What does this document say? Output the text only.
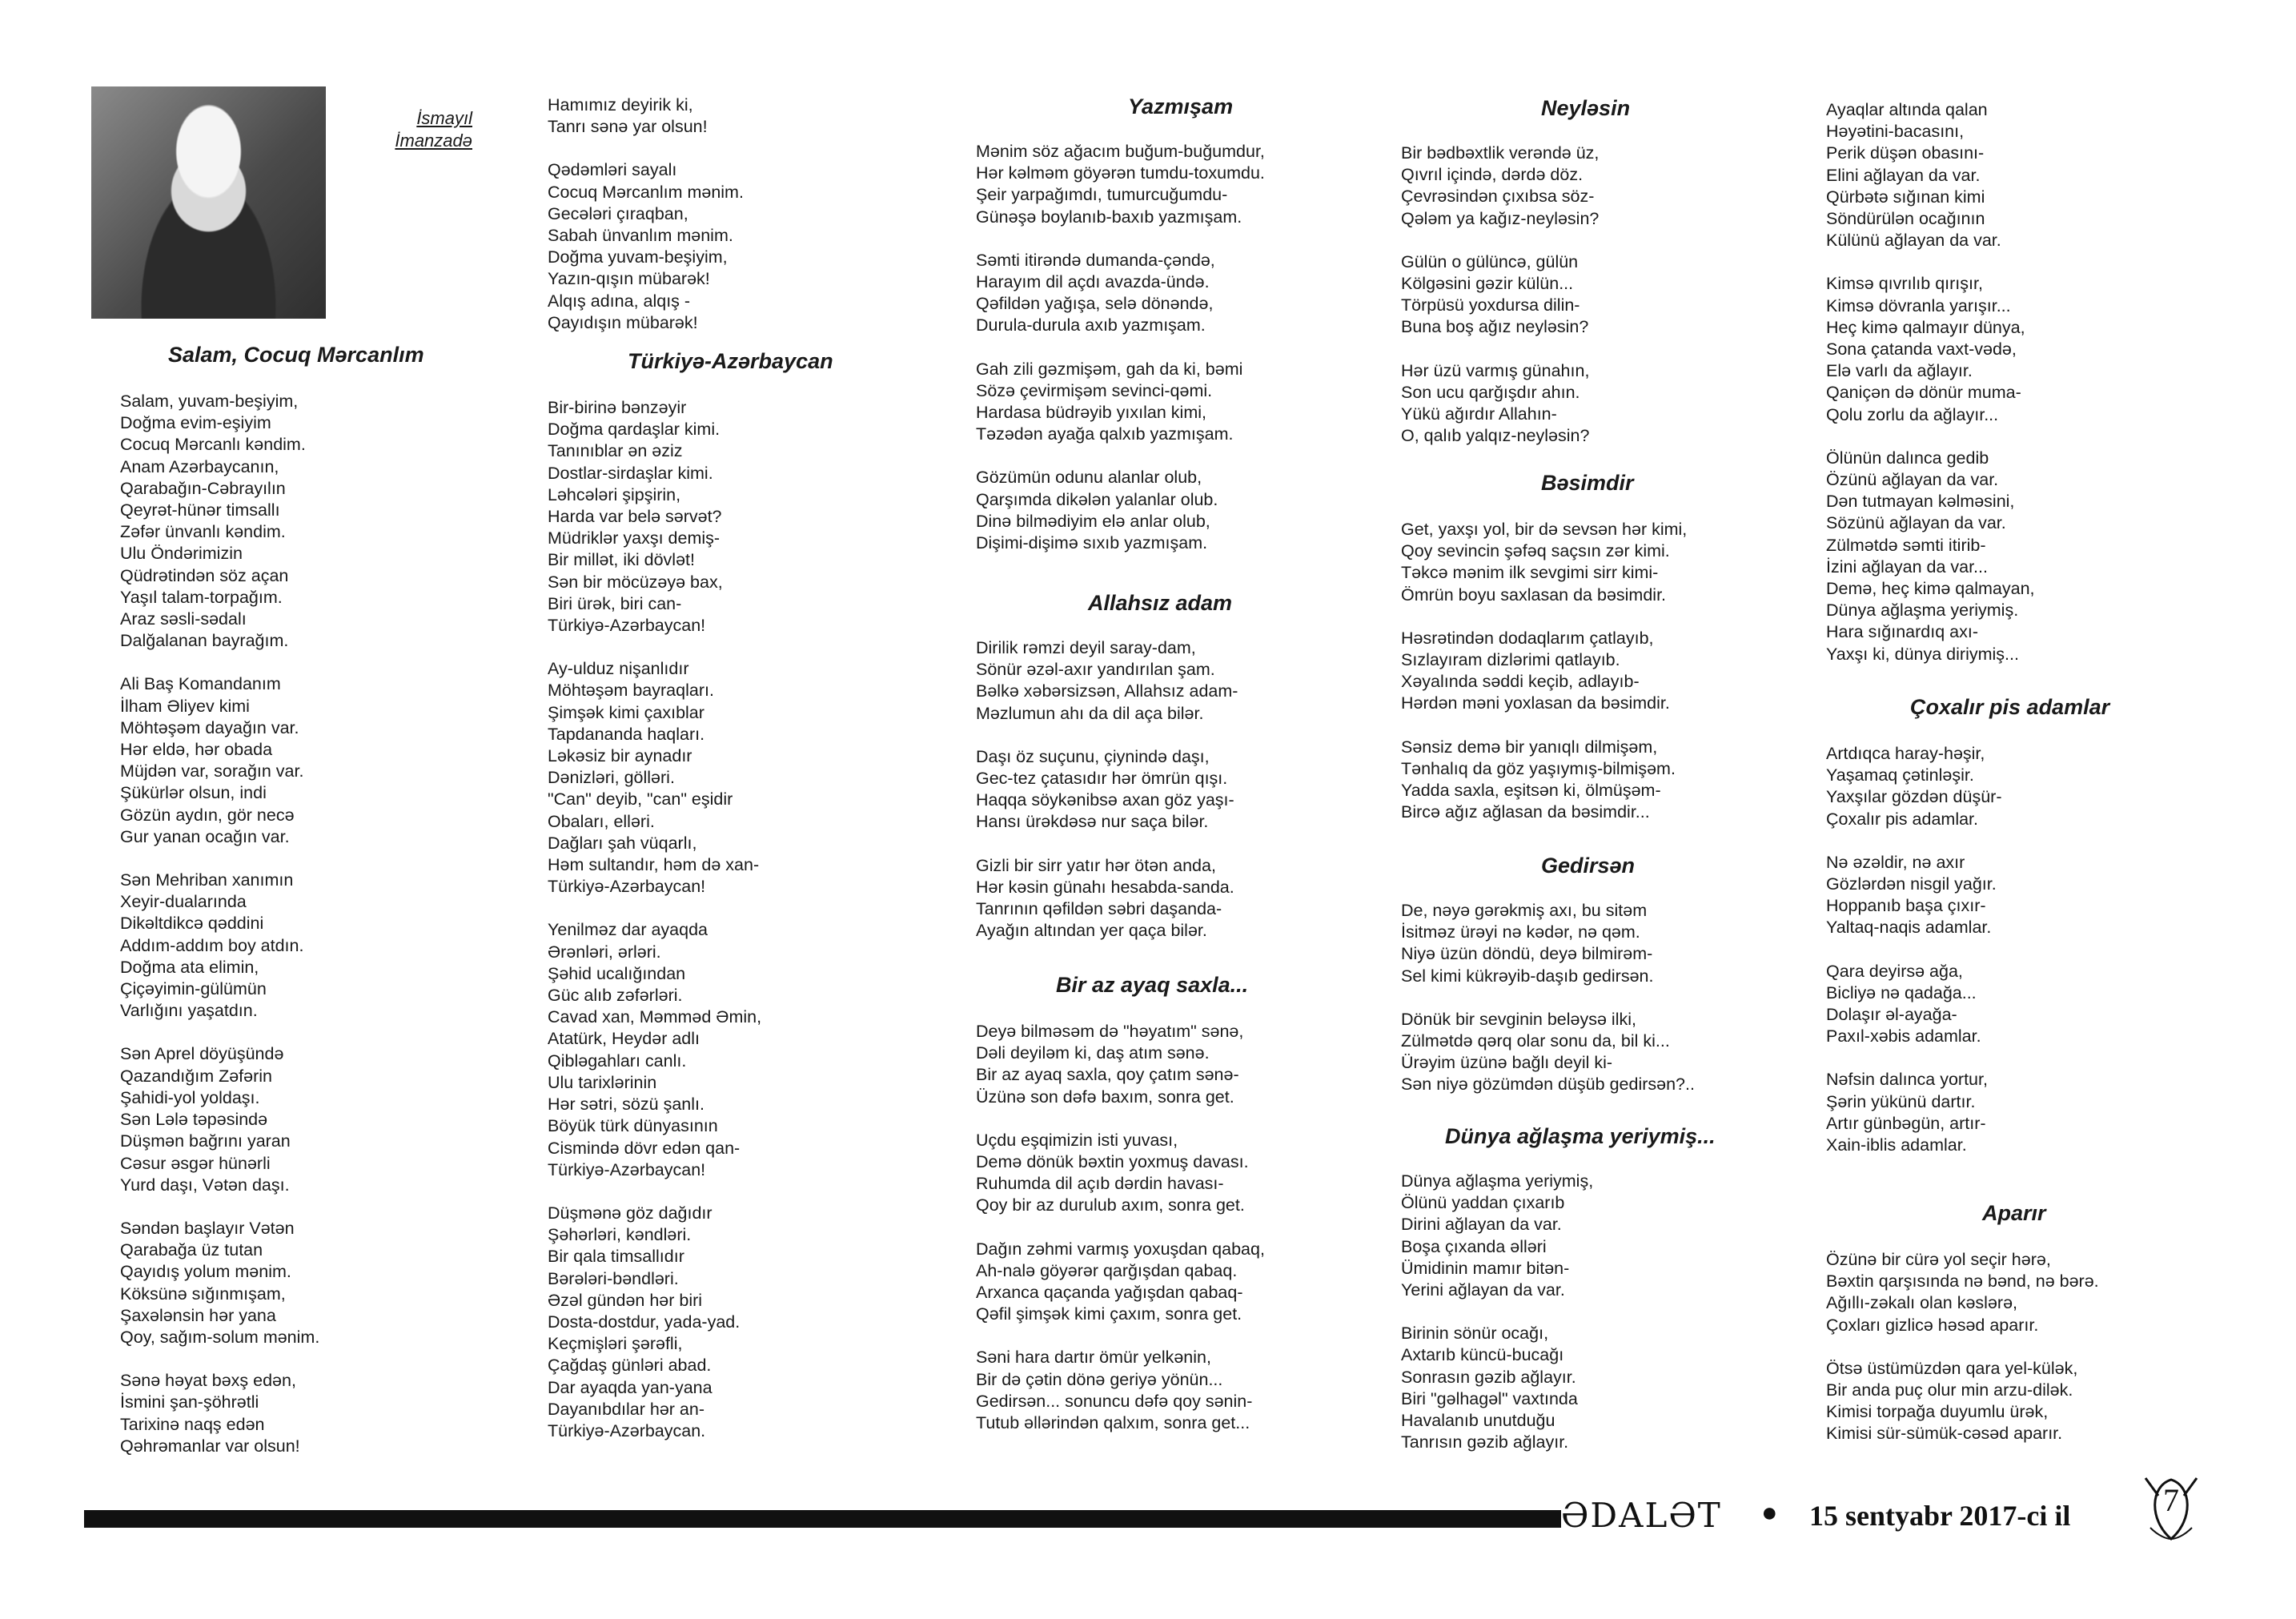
İsmayıl
İmanzadə
Salam, Cocuq Mərcanlım
Salam, yuvam-beşiyim,
Doğma evim-eşiyim
Cocuq Mərcanlı kəndim.
Anam Azərbaycanın,
Qarabağın-Cəbrayılın
Qeyrət-hünər timsallı
Zəfər ünvanlı kəndim.
Ulu Öndərimizin
Qüdrətindən söz açan
Yaşıl talam-torpağım.
Araz səsli-sədalı
Dalğalanan bayrağım.
Ali Baş Komandanım
İlham Əliyev kimi
Möhtəşəm dayağın var.
Hər eldə, hər obada
Müjdən var, sorağın var.
Şükürlər olsun, indi
Gözün aydın, gör necə
Gur yanan ocağın var.
Sən Mehriban xanımın
Xeyir-dualarında
Dikəltdikcə qəddini
Addım-addım boy atdın.
Doğma ata elimin,
Çiçəyimin-gülümün
Varlığını yaşatdın.
Sən Aprel döyüşündə
Qazandığım Zəfərin
Şahidi-yol yoldaşı.
Sən Lələ təpəsində
Düşmən bağrını yaran
Cəsur əsgər hünərli
Yurd daşı, Vətən daşı.
Səndən başlayır Vətən
Qarabağa üz tutan
Qayıdış yolum mənim.
Köksünə sığınmışam,
Şaxələnsin hər yana
Qoy, sağım-solum mənim.
Sənə həyat bəxş edən,
İsmini şan-şöhrətli
Tarixinə naqş edən
Qəhrəmanlar var olsun!
Hamımız deyirik ki,
Tanrı sənə yar olsun!
Qədəmləri sayalı
Cocuq Mərcanlım mənim.
Gecələri çıraqban,
Sabah ünvanlım mənim.
Doğma yuvam-beşiyim,
Yazın-qışın mübarək!
Alqış adına, alqış -
Qayıdışın mübarək!
Türkiyə-Azərbaycan
Bir-birinə bənzəyir
Doğma qardaşlar kimi.
Tanınıblar ən əziz
Dostlar-sirdaşlar kimi.
Ləhcələri şipşirin,
Harda var belə sərvət?
Müdriklər yaxşı demiş-
Bir millət, iki dövlət!
Sən bir möcüzəyə bax,
Biri ürək, biri can-
Türkiyə-Azərbaycan!
Ay-ulduz nişanlıdır
Möhtəşəm bayraqları.
Şimşək kimi çaxıblar
Tapdananda haqları.
Ləkəsiz bir aynadır
Dənizləri, gölləri.
"Can" deyib, "can" eşidir
Obaları, elləri.
Dağları şah vüqarlı,
Həm sultandır, həm də xan-
Türkiyə-Azərbaycan!
Yenilməz dar ayaqda
Ərənləri, ərləri.
Şəhid ucalığından
Güc alıb zəfərləri.
Cavad xan, Məmməd Əmin,
Atatürk, Heydər adlı
Qibləgahları canlı.
Ulu tarixlərinin
Hər sətri, sözü şanlı.
Böyük türk dünyasının
Cismində dövr edən qan-
Türkiyə-Azərbaycan!
Düşmənə göz dağıdır
Şəhərləri, kəndləri.
Bir qala timsallıdır
Bərələri-bəndləri.
Əzəl gündən hər biri
Dosta-dostdur, yada-yad.
Keçmişləri şərəfli,
Çağdaş günləri abad.
Dar ayaqda yan-yana
Dayanıbdılar hər an-
Türkiyə-Azərbaycan.
Yazmışam
Mənim söz ağacım buğum-buğumdur,
Hər kəlməm göyərən tumdu-toxumdu.
Şeir yarpağımdı, tumurcuğumdu-
Günəşə boylanıb-baxıb yazmışam.
Səmti itirəndə dumanda-çəndə,
Harayım dil açdı avazda-ündə.
Qəfildən yağışa, selə dönəndə,
Durula-durula axıb yazmışam.
Gah zili gəzmişəm, gah da ki, bəmi
Sözə çevirmişəm sevinci-qəmi.
Hardasa büdrəyib yıxılan kimi,
Təzədən ayağa qalxıb yazmışam.
Gözümün odunu alanlar olub,
Qarşımda dikələn yalanlar olub.
Dinə bilmədiyim elə anlar olub,
Dişimi-dişimə sıxıb yazmışam.
Allahsız adam
Dirilik rəmzi deyil saray-dam,
Sönür əzəl-axır yandırılan şam.
Bəlkə xəbərsizsən, Allahsız adam-
Məzlumun ahı da dil aça bilər.
Daşı öz suçunu, çiynində daşı,
Gec-tez çatasıdır hər ömrün qışı.
Haqqa söykənibsə axan göz yaşı-
Hansı ürəkdəsə nur saça bilər.
Gizli bir sirr yatır hər ötən anda,
Hər kəsin günahı hesabda-sanda.
Tanrının qəfildən səbri daşanda-
Ayağın altından yer qaça bilər.
Bir az ayaq saxla...
Deyə bilməsəm də "həyatım" sənə,
Dəli deyiləm ki, daş atım sənə.
Bir az ayaq saxla, qoy çatım sənə-
Üzünə son dəfə baxım, sonra get.
Uçdu eşqimizin isti yuvası,
Demə dönük bəxtin yoxmuş davası.
Ruhumda dil açıb dərdin havası-
Qoy bir az durulub axım, sonra get.
Dağın zəhmi varmış yoxuşdan qabaq,
Ah-nalə göyərər qarğışdan qabaq.
Arxanca qaçanda yağışdan qabaq-
Qəfil şimşək kimi çaxım, sonra get.
Səni hara dartır ömür yelkənin,
Bir də çətin dönə geriyə yönün...
Gedirsən... sonuncu dəfə qoy sənin-
Tutub əllərindən qalxım, sonra get...
Neyləsin
Bir bədbəxtlik verəndə üz,
Qıvrıl içində, dərdə döz.
Çevrəsindən çıxıbsa söz-
Qələm ya kağız-neyləsin?
Gülün o gülüncə, gülün
Kölgəsini gəzir külün...
Törpüsü yoxdursa dilin-
Buna boş ağız neyləsin?
Hər üzü varmış günahın,
Son ucu qarğışdır ahın.
Yükü ağırdır Allahın-
O, qalıb yalqız-neyləsin?
Bəsimdir
Get, yaxşı yol, bir də sevsən hər kimi,
Qoy sevincin şəfəq saçsın zər kimi.
Təkcə mənim ilk sevgimi sirr kimi-
Ömrün boyu saxlasan da bəsimdir.
Həsrətindən dodaqlarım çatlayıb,
Sızlayıram dizlərimi qatlayıb.
Xəyalında səddi keçib, adlayıb-
Hərdən məni yoxlasan da bəsimdir.
Sənsiz demə bir yanıqlı dilmişəm,
Tənhalıq da göz yaşıymış-bilmişəm.
Yadda saxla, eşitsən ki, ölmüşəm-
Bircə ağız ağlasan da bəsimdir...
Gedirsən
De, nəyə gərəkmiş axı, bu sitəm
İsitməz ürəyi nə kədər, nə qəm.
Niyə üzün döndü, deyə bilmirəm-
Sel kimi kükrəyib-daşıb gedirsən.
Dönük bir sevginin beləysə ilki,
Zülmətdə qərq olar sonu da, bil ki...
Ürəyim üzünə bağlı deyil ki-
Sən niyə gözümdən düşüb gedirsən?..
Dünya ağlaşma yeriymiş...
Dünya ağlaşma yeriymiş,
Ölünü yaddan çıxarıb
Dirini ağlayan da var.
Boşa çıxanda əlləri
Ümidinin mamır bitən-
Yerini ağlayan da var.
Birinin sönür ocağı,
Axtarıb küncü-bucağı
Sonrasın gəzib ağlayır.
Biri "gəlhagəl" vaxtında
Havalanıb unutduğu
Tanrısın gəzib ağlayır.
Ayaqlar altında qalan
Həyətini-bacasını,
Perik düşən obasını-
Elini ağlayan da var.
Qürbətə sığınan kimi
Söndürülən ocağının
Külünü ağlayan da var.
Kimsə qıvrılıb qırışır,
Kimsə dövranla yarışır...
Heç kimə qalmayır dünya,
Sona çatanda vaxt-vədə,
Elə varlı da ağlayır.
Qaniçən də dönür muma-
Qolu zorlu da ağlayır...
Ölünün dalınca gedib
Özünü ağlayan da var.
Dən tutmayan kəlməsini,
Sözünü ağlayan da var.
Zülmətdə səmti itirib-
İzini ağlayan da var...
Demə, heç kimə qalmayan,
Dünya ağlaşma yeriymiş.
Hara sığınardıq axı-
Yaxşı ki, dünya diriymiş...
Çoxalır pis adamlar
Artdıqca haray-həşir,
Yaşamaq çətinləşir.
Yaxşılar gözdən düşür-
Çoxalır pis adamlar.
Nə əzəldir, nə axır
Gözlərdən nisgil yağır.
Hoppanıb başa çıxır-
Yaltaq-naqis adamlar.
Qara deyirsə ağa,
Bicliyə nə qadağa...
Dolaşır əl-ayağa-
Paxıl-xəbis adamlar.
Nəfsin dalınca yortur,
Şərin yükünü dartır.
Artır günbəgün, artır-
Xain-iblis adamlar.
Aparır
Özünə bir cürə yol seçir hərə,
Bəxtin qarşısında nə bənd, nə bərə.
Ağıllı-zəkalı olan kəslərə,
Çoxları gizlicə həsəd aparır.
Ötsə üstümüzdən qara yel-külək,
Bir anda puç olur min arzu-dilək.
Kimisi torpağa duyumlu ürək,
Kimisi sür-sümük-cəsəd aparır.
ƏDALƏT ● 15 sentyabr 2017-ci il	7
